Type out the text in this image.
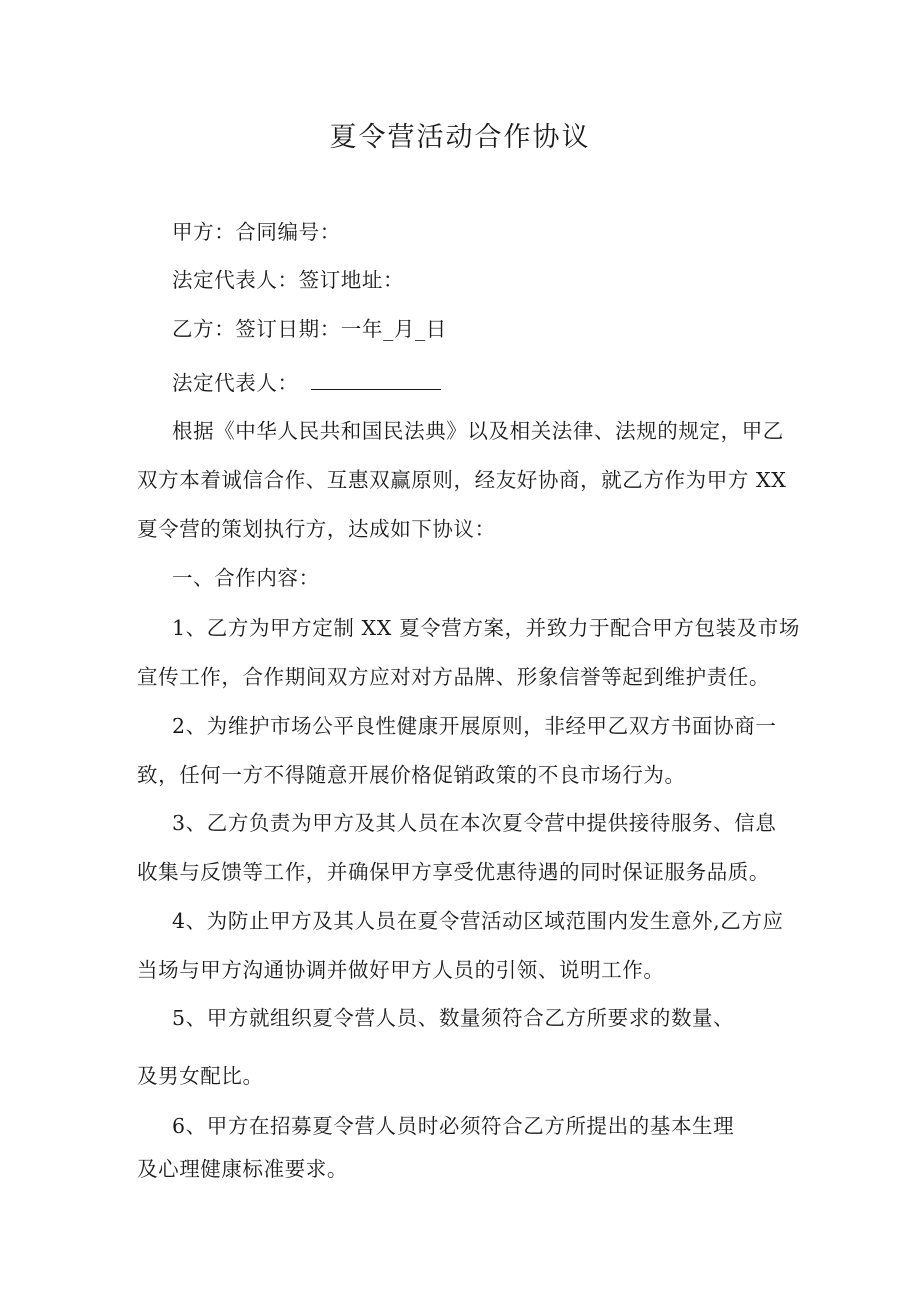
夏令营活动合作协议
甲方：合同编号：
法定代表人：签订地址：
乙方：签订日期：一年_月_日
法定代表人：
根据《中华人民共和国民法典》以及相关法律、法规的规定，甲乙
双方本着诚信合作、互惠双赢原则，经友好协商，就乙方作为甲方 XX
夏令营的策划执行方，达成如下协议：
一、合作内容：
1、乙方为甲方定制 XX 夏令营方案，并致力于配合甲方包装及市场
宣传工作，合作期间双方应对对方品牌、形象信誉等起到维护责任。
2、为维护市场公平良性健康开展原则，非经甲乙双方书面协商一
致，任何一方不得随意开展价格促销政策的不良市场行为。
3、乙方负责为甲方及其人员在本次夏令营中提供接待服务、信息
收集与反馈等工作，并确保甲方享受优惠待遇的同时保证服务品质。
4、为防止甲方及其人员在夏令营活动区域范围内发生意外,乙方应
当场与甲方沟通协调并做好甲方人员的引领、说明工作。
5、甲方就组织夏令营人员、数量须符合乙方所要求的数量、
及男女配比。
6、甲方在招募夏令营人员时必须符合乙方所提出的基本生理
及心理健康标准要求。
